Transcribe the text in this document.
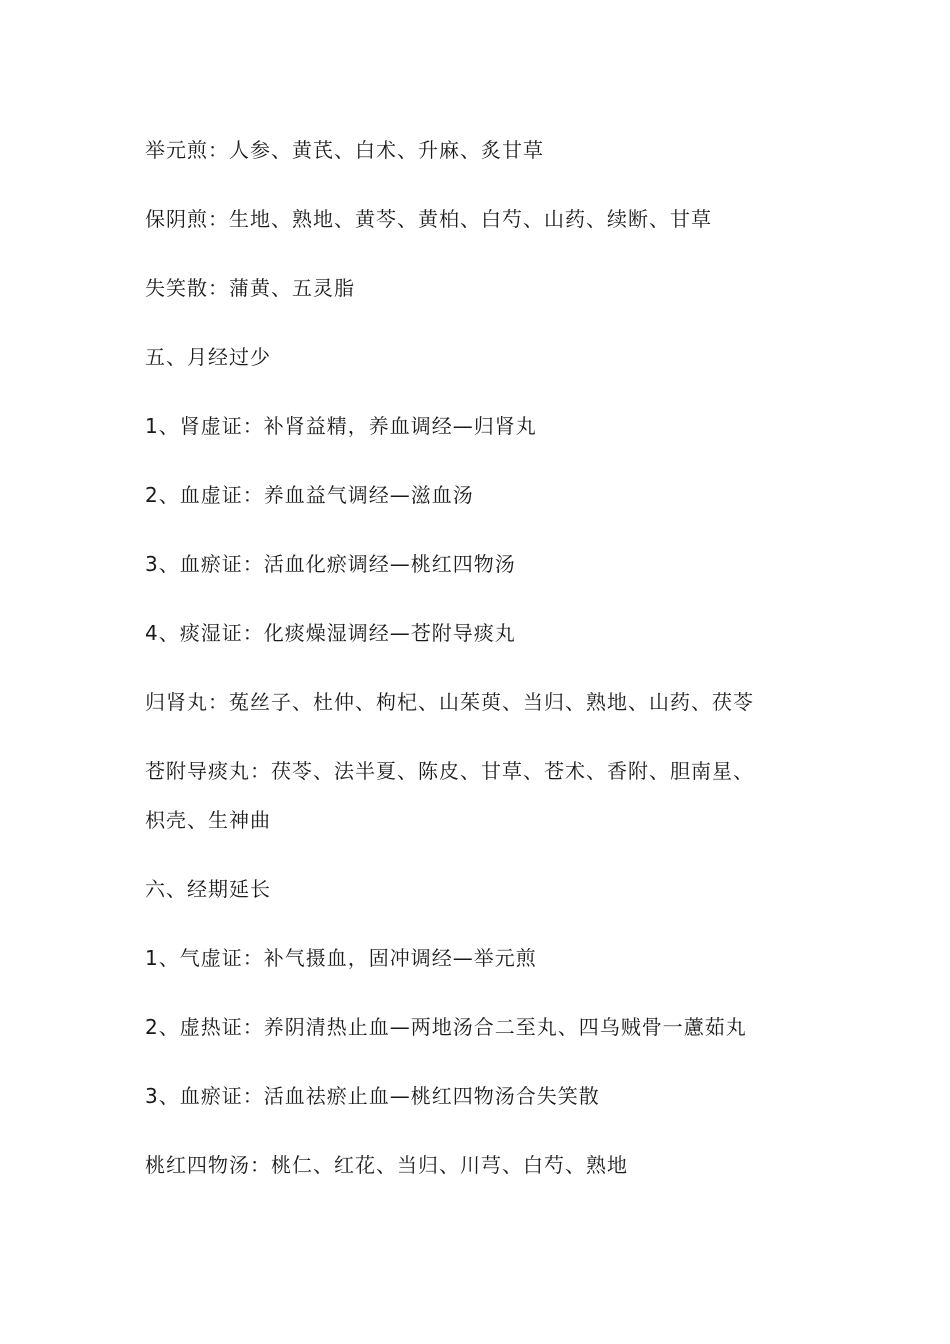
举元煎：人参、黄芪、白术、升麻、炙甘草
保阴煎：生地、熟地、黄芩、黄柏、白芍、山药、续断、甘草
失笑散：蒲黄、五灵脂
五、月经过少
1、肾虚证：补肾益精，养血调经—归肾丸
2、血虚证：养血益气调经—滋血汤
3、血瘀证：活血化瘀调经—桃红四物汤
4、痰湿证：化痰燥湿调经—苍附导痰丸
归肾丸：菟丝子、杜仲、枸杞、山茱萸、当归、熟地、山药、茯苓
苍附导痰丸：茯苓、法半夏、陈皮、甘草、苍术、香附、胆南星、
枳壳、生神曲
六、经期延长
1、气虚证：补气摄血，固冲调经—举元煎
2、虚热证：养阴清热止血—两地汤合二至丸、四乌贼骨一藘茹丸
3、血瘀证：活血祛瘀止血—桃红四物汤合失笑散
桃红四物汤：桃仁、红花、当归、川芎、白芍、熟地
